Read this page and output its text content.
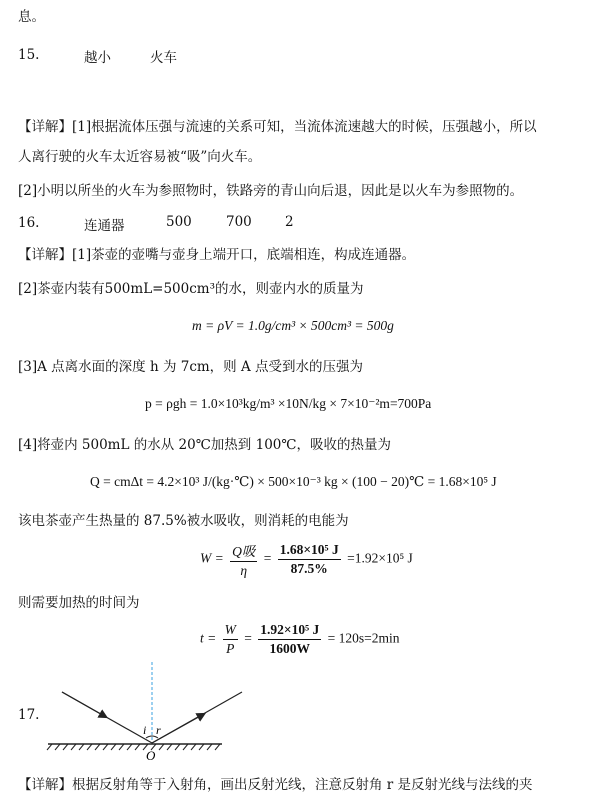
息。
15.	越小	火车
【详解】[1]根据流体压强与流速的关系可知，当流体流速越大的时候，压强越小，所以
人离行驶的火车太近容易被“吸”向火车。
[2]小明以所坐的火车为参照物时，铁路旁的青山向后退，因此是以火车为参照物的。
16.	连通器	500	700 2
【详解】[1]茶壶的壶嘴与壶身上端开口，底端相连，构成连通器。
[2]茶壶内装有500mL=500cm³的水，则壶内水的质量为
m = ρV = 1.0g/cm³ × 500cm³ = 500g
[3]A 点离水面的深度 h 为 7cm，则 A 点受到水的压强为
p = ρgh = 1.0×10³kg/m³ ×10N/kg × 7×10⁻²m=700Pa
[4]将壶内 500mL 的水从 20℃加热到 100℃，吸收的热量为
Q = cmΔt = 4.2×10³ J/(kg·℃) × 500×10⁻³ kg × (100 − 20)℃ = 1.68×10⁵ J
该电茶壶产生热量的 87.5%被水吸收，则消耗的电能为
$W = \frac{\text{Q吸}}{\eta} = \frac{\text{1.68×10⁵ J}}{87.5\%} =1.92\times 10^5$ J
则需要加热的时间为
$t = \frac{W}{P} = \frac{\text{1.92×10⁵ J}}{1600W} = 120s=2\min$
17.
i r
O
【详解】根据反射角等于入射角，画出反射光线，注意反射角 r 是反射光线与法线的夹
